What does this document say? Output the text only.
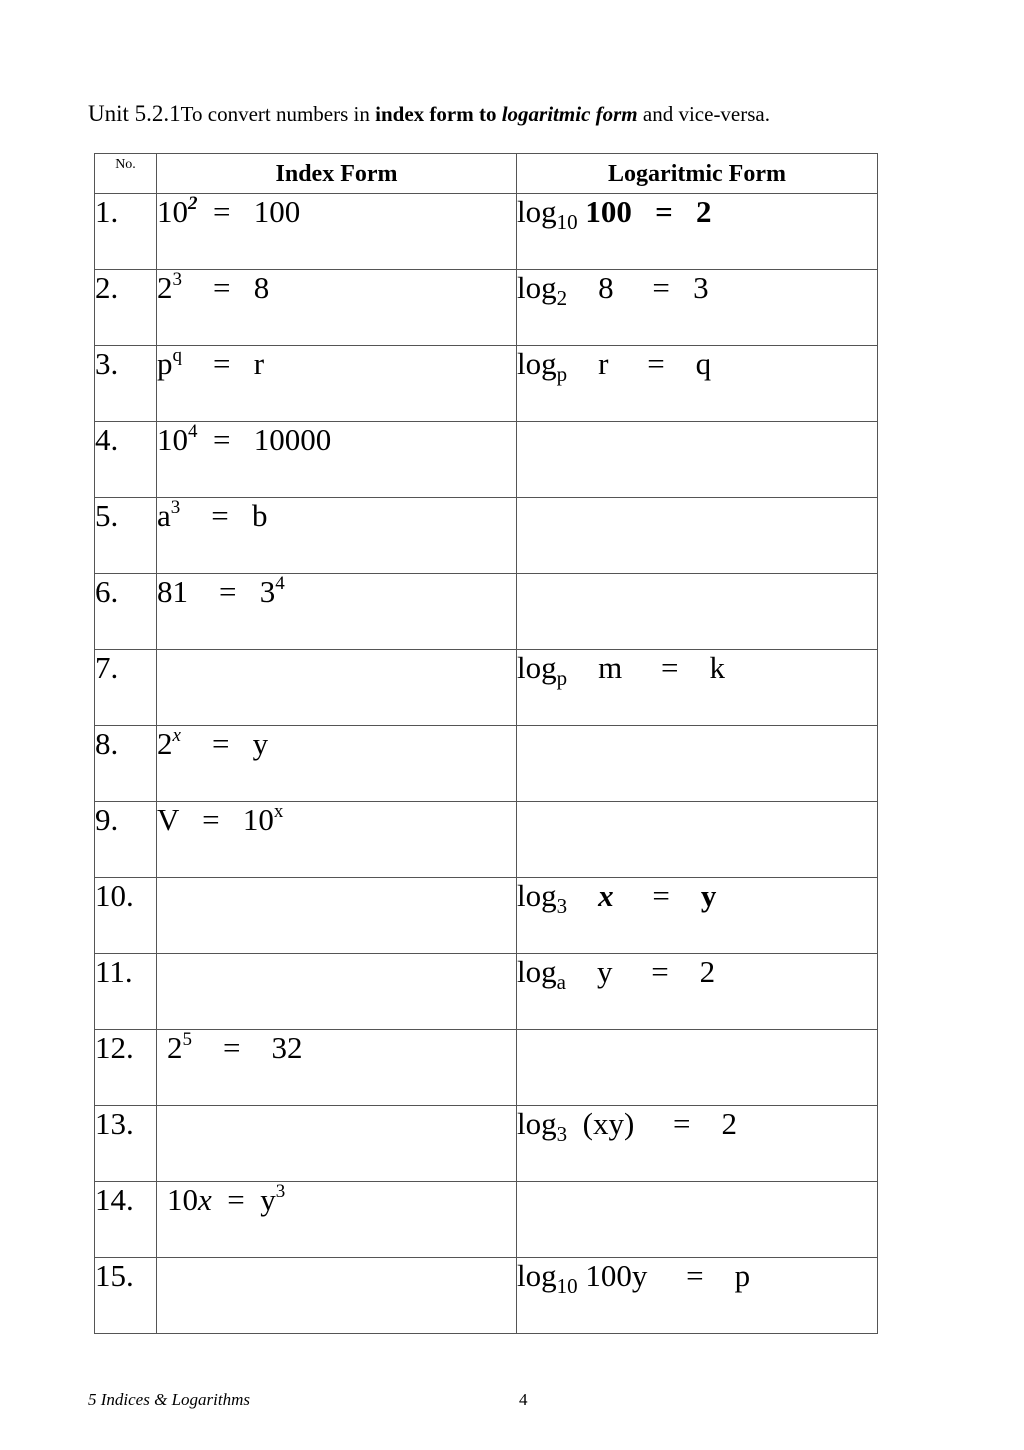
Unit 5.2.1To convert numbers in index form to logaritmic form and vice-versa.
No.	Index Form	Logaritmic Form
1.	$10^2 = 100$	$\log_{10} 100 = 2$
2.	$2^3$    =   8	$\log_2$    8     =   3
3.	$p^q$    =   r	$\log_p$    r     =    q
4.	$10^4 = 10000$	
5.	$a^3$    =   b	
6.	81    =   $3^4$	
7.		$\log_p$    m     =    k
8.	2$^x$    =   y	
9.	V   =   10$^x$	
10.		$\log_3 x$     =    y
11.		$\log_a$    y     =    2
12.	$2^5$    =    32	
13.		$\log_3 (xy)$     =    2
14.	$10x = y^3$	
15.		$\log_{10} 100y$     =    p
5 Indices & Logarithms	4
